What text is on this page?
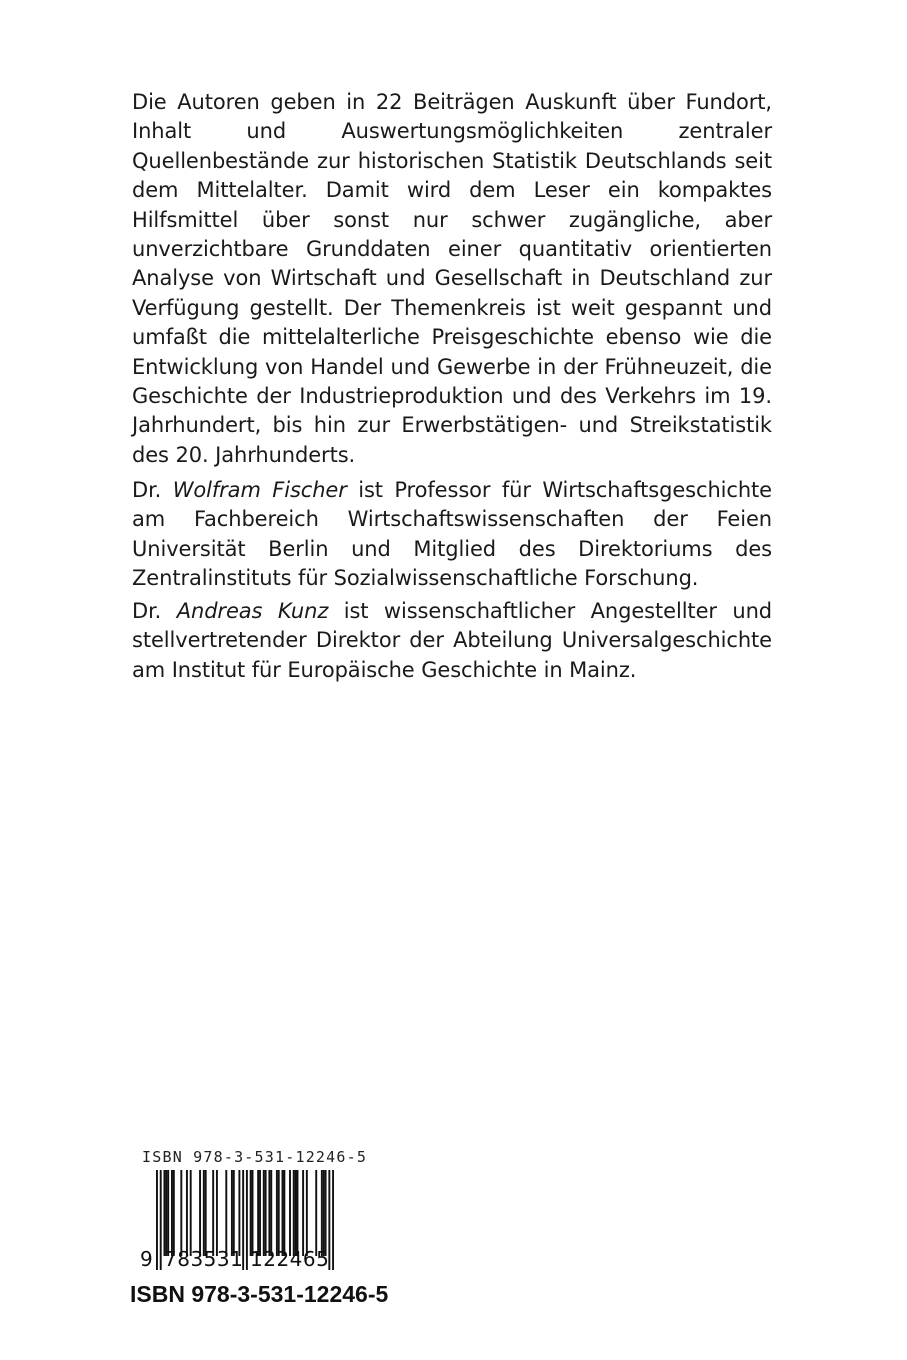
Die Autoren geben in 22 Beiträgen Auskunft über Fundort, Inhalt und Auswertungsmöglichkeiten zentraler Quellenbestände zur historischen Statistik Deutschlands seit dem Mittelalter. Damit wird dem Leser ein kompaktes Hilfsmittel über sonst nur schwer zugängliche, aber unverzichtbare Grunddaten einer quantitativ orientierten Analyse von Wirtschaft und Gesellschaft in Deutschland zur Verfügung gestellt. Der Themenkreis ist weit gespannt und umfaßt die mittelalterliche Preisgeschichte ebenso wie die Entwicklung von Handel und Gewerbe in der Frühneuzeit, die Geschichte der Industrieproduktion und des Verkehrs im 19. Jahrhundert, bis hin zur Erwerbstätigen- und Streikstatistik des 20. Jahrhunderts.

Dr. Wolfram Fischer ist Professor für Wirtschaftsgeschichte am Fachbereich Wirtschaftswissenschaften der Feien Universität Berlin und Mitglied des Direktoriums des Zentralinstituts für Sozialwissenschaftliche Forschung.

Dr. Andreas Kunz ist wissenschaftlicher Angestellter und stellvertretender Direktor der Abteilung Universalgeschichte am Institut für Europäische Geschichte in Mainz.

ISBN 978-3-531-12246-5
9 783531 122465
ISBN 978-3-531-12246-5
